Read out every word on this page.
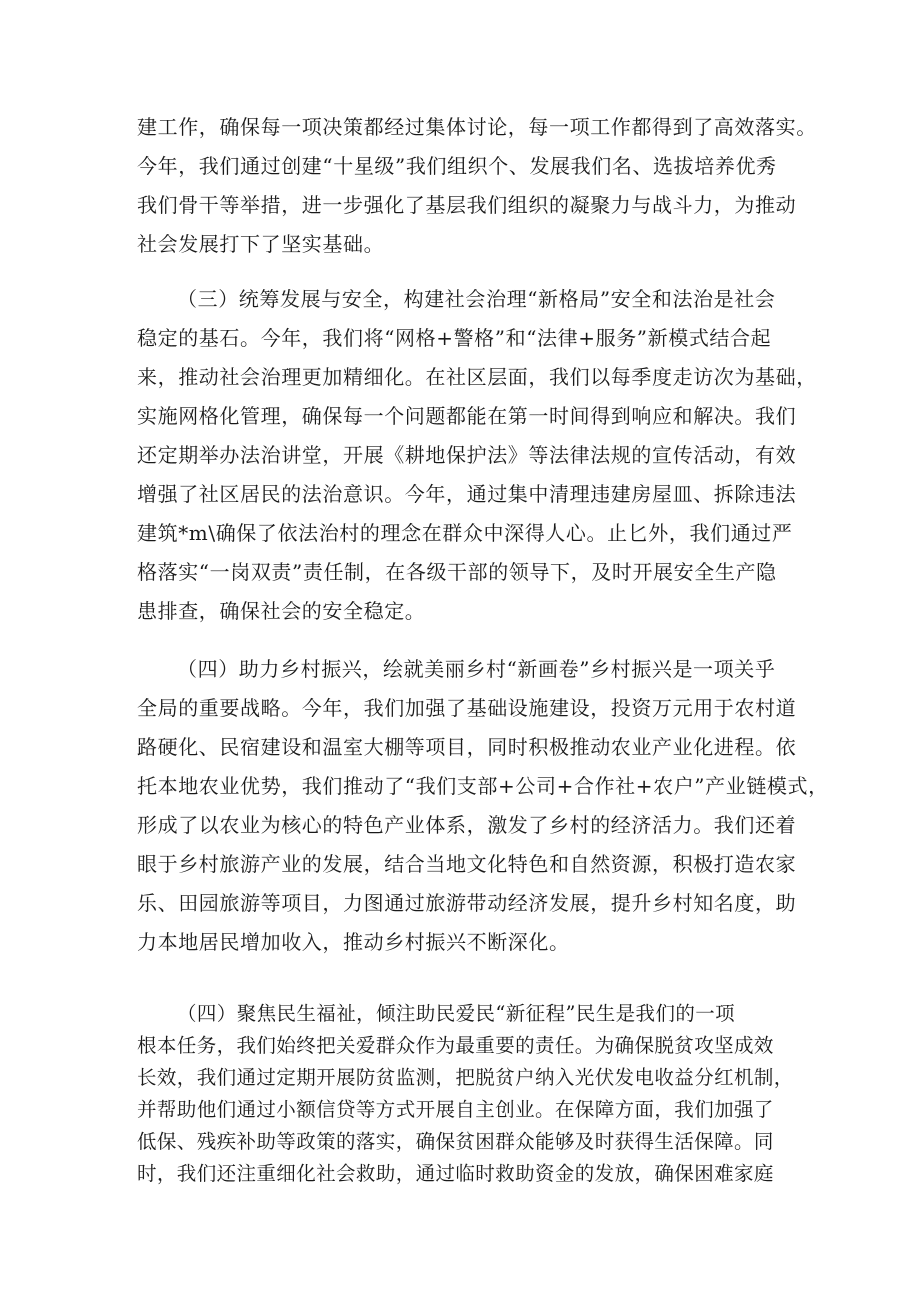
建工作，确保每一项决策都经过集体讨论，每一项工作都得到了高效落实。
今年，我们通过创建“十星级”我们组织个、发展我们名、选拔培养优秀
我们骨干等举措，进一步强化了基层我们组织的凝聚力与战斗力，为推动
社会发展打下了坚实基础。
（三）统筹发展与安全，构建社会治理“新格局”安全和法治是社会
稳定的基石。今年，我们将“网格+警格”和“法律+服务”新模式结合起
来，推动社会治理更加精细化。在社区层面，我们以每季度走访次为基础，
实施网格化管理，确保每一个问题都能在第一时间得到响应和解决。我们
还定期举办法治讲堂，开展《耕地保护法》等法律法规的宣传活动，有效
增强了社区居民的法治意识。今年，通过集中清理违建房屋皿、拆除违法
建筑*m\确保了依法治村的理念在群众中深得人心。止匕外，我们通过严
格落实“一岗双责”责任制，在各级干部的领导下，及时开展安全生产隐
患排查，确保社会的安全稳定。
（四）助力乡村振兴，绘就美丽乡村“新画卷”乡村振兴是一项关乎
全局的重要战略。今年，我们加强了基础设施建设，投资万元用于农村道
路硬化、民宿建设和温室大棚等项目，同时积极推动农业产业化进程。依
托本地农业优势，我们推动了“我们支部+公司+合作社+农户”产业链模式，
形成了以农业为核心的特色产业体系，激发了乡村的经济活力。我们还着
眼于乡村旅游产业的发展，结合当地文化特色和自然资源，积极打造农家
乐、田园旅游等项目，力图通过旅游带动经济发展，提升乡村知名度，助
力本地居民增加收入，推动乡村振兴不断深化。
（四）聚焦民生福祉，倾注助民爱民“新征程”民生是我们的一项
根本任务，我们始终把关爱群众作为最重要的责任。为确保脱贫攻坚成效
长效，我们通过定期开展防贫监测，把脱贫户纳入光伏发电收益分红机制，
并帮助他们通过小额信贷等方式开展自主创业。在保障方面，我们加强了
低保、残疾补助等政策的落实，确保贫困群众能够及时获得生活保障。同
时，我们还注重细化社会救助，通过临时救助资金的发放，确保困难家庭
